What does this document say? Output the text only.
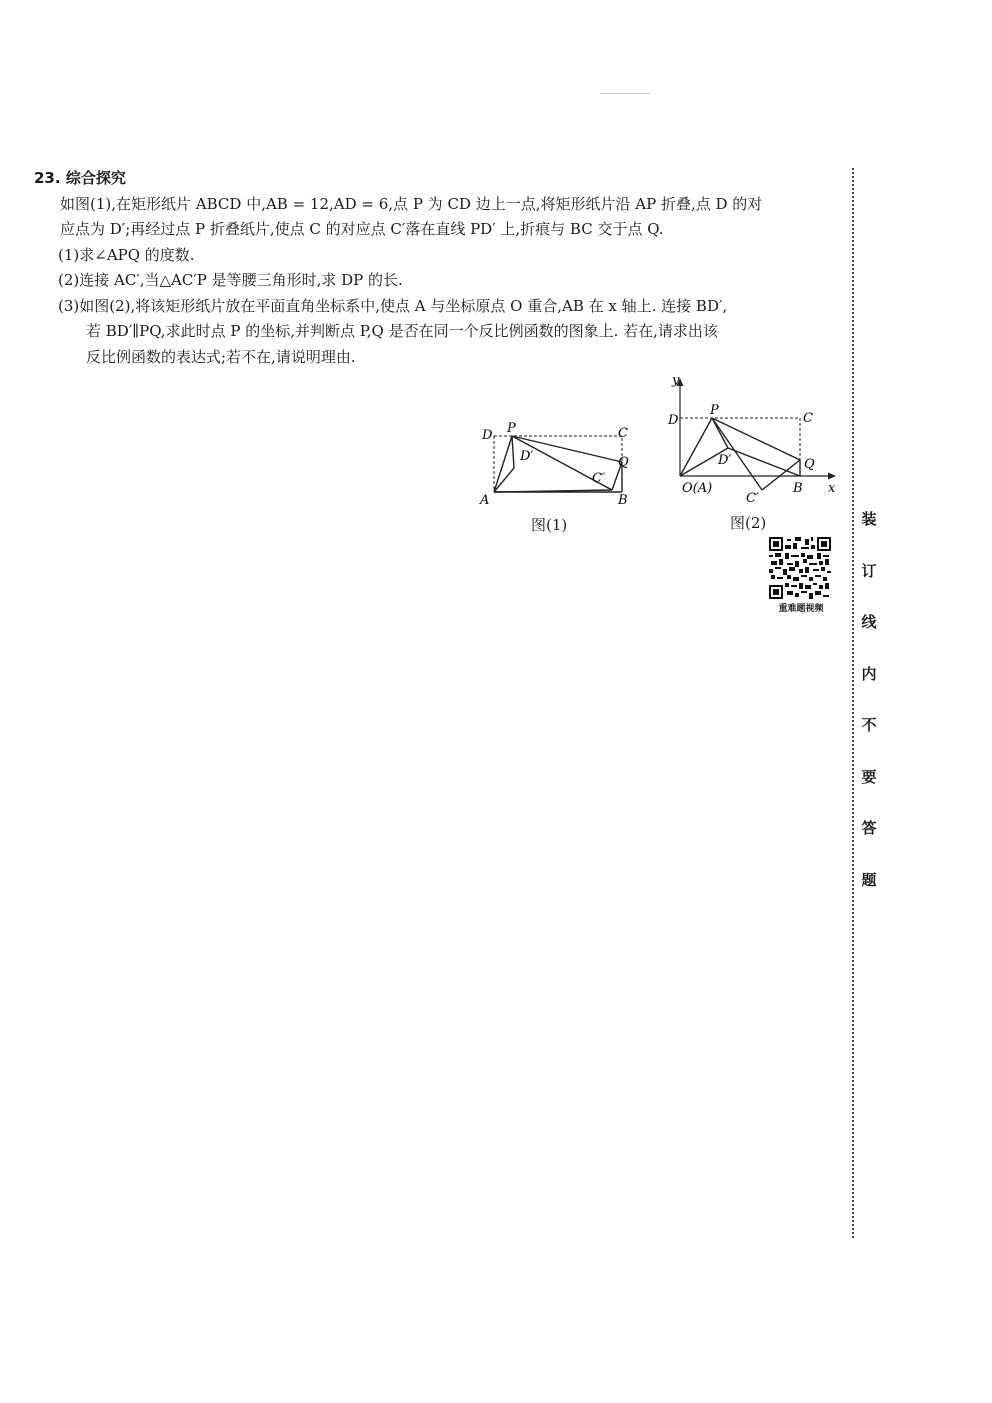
23. 综合探究
如图(1),在矩形纸片 ABCD 中,AB = 12,AD = 6,点 P 为 CD 边上一点,将矩形纸片沿 AP 折叠,点 D 的对
应点为 D′;再经过点 P 折叠纸片,使点 C 的对应点 C′落在直线 PD′ 上,折痕与 BC 交于点 Q.
(1)求∠APQ 的度数.
(2)连接 AC′,当△AC′P 是等腰三角形时,求 DP 的长.
(3)如图(2),将该矩形纸片放在平面直角坐标系中,使点 A 与坐标原点 O 重合,AB 在 x 轴上. 连接 BD′,
若 BD′∥PQ,求此时点 P 的坐标,并判断点 P,Q 是否在同一个反比例函数的图象上. 若在,请求出该
反比例函数的表达式;若不在,请说明理由.
D P	C
D′
C′
Q
A	B
图(1)
y
D
P
C
D′	Q
O(A)
C′
B x
图(2)
重难题视频
装
订
线
内
不
要
答
题
